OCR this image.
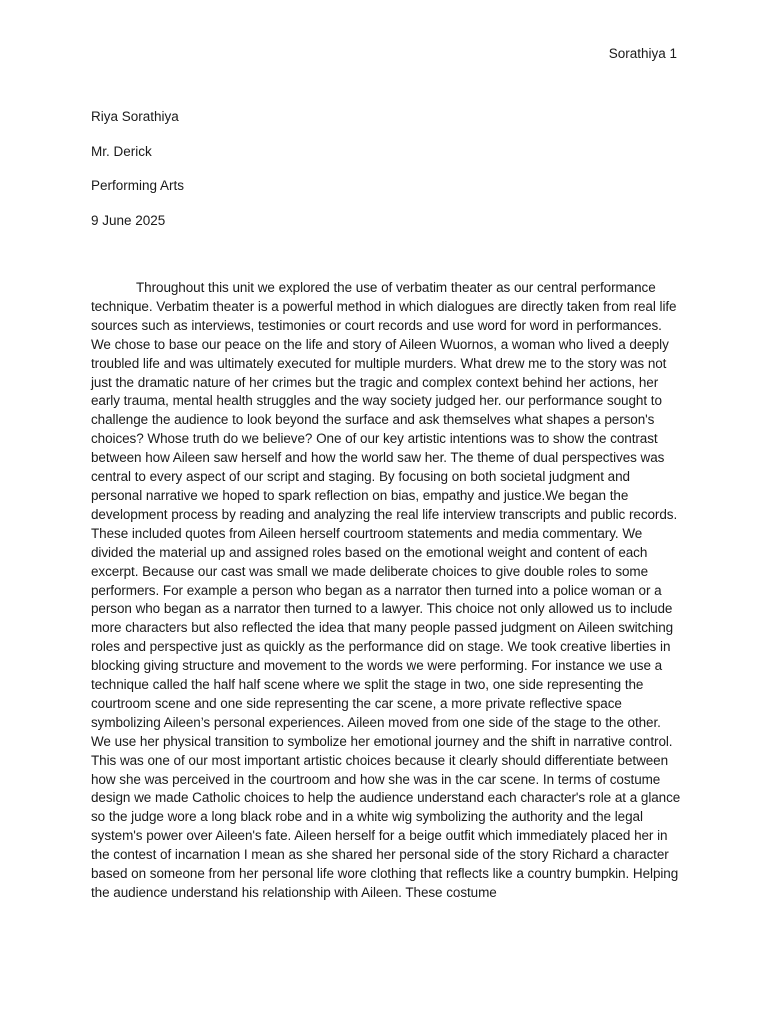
Sorathiya 1
Riya Sorathiya
Mr. Derick
Performing Arts
9 June 2025

Throughout this unit we explored the use of verbatim theater as our central performance technique. Verbatim theater is a powerful method in which dialogues are directly taken from real life sources such as interviews, testimonies or court records and use word for word in performances. We chose to base our peace on the life and story of Aileen Wuornos, a woman who lived a deeply troubled life and was ultimately executed for multiple murders. What drew me to the story was not just the dramatic nature of her crimes but the tragic and complex context behind her actions, her early trauma, mental health struggles and the way society judged her. our performance sought to challenge the audience to look beyond the surface and ask themselves what shapes a person's choices? Whose truth do we believe? One of our key artistic intentions was to show the contrast between how Aileen saw herself and how the world saw her. The theme of dual perspectives was central to every aspect of our script and staging. By focusing on both societal judgment and personal narrative we hoped to spark reflection on bias, empathy and justice.We began the development process by reading and analyzing the real life interview transcripts and public records. These included quotes from Aileen herself courtroom statements and media commentary. We divided the material up and assigned roles based on the emotional weight and content of each excerpt. Because our cast was small we made deliberate choices to give double roles to some performers. For example a person who began as a narrator then turned into a police woman or a person who began as a narrator then turned to a lawyer. This choice not only allowed us to include more characters but also reflected the idea that many people passed judgment on Aileen switching roles and perspective just as quickly as the performance did on stage. We took creative liberties in blocking giving structure and movement to the words we were performing. For instance we use a technique called the half half scene where we split the stage in two, one side representing the courtroom scene and one side representing the car scene, a more private reflective space symbolizing Aileen’s personal experiences. Aileen moved from one side of the stage to the other. We use her physical transition to symbolize her emotional journey and the shift in narrative control. This was one of our most important artistic choices because it clearly should differentiate between how she was perceived in the courtroom and how she was in the car scene. In terms of costume design we made Catholic choices to help the audience understand each character's role at a glance so the judge wore a long black robe and in a white wig symbolizing the authority and the legal system's power over Aileen's fate. Aileen herself for a beige outfit which immediately placed her in the contest of incarnation I mean as she shared her personal side of the story Richard a character based on someone from her personal life wore clothing that reflects like a country bumpkin. Helping the audience understand his relationship with Aileen. These costume
